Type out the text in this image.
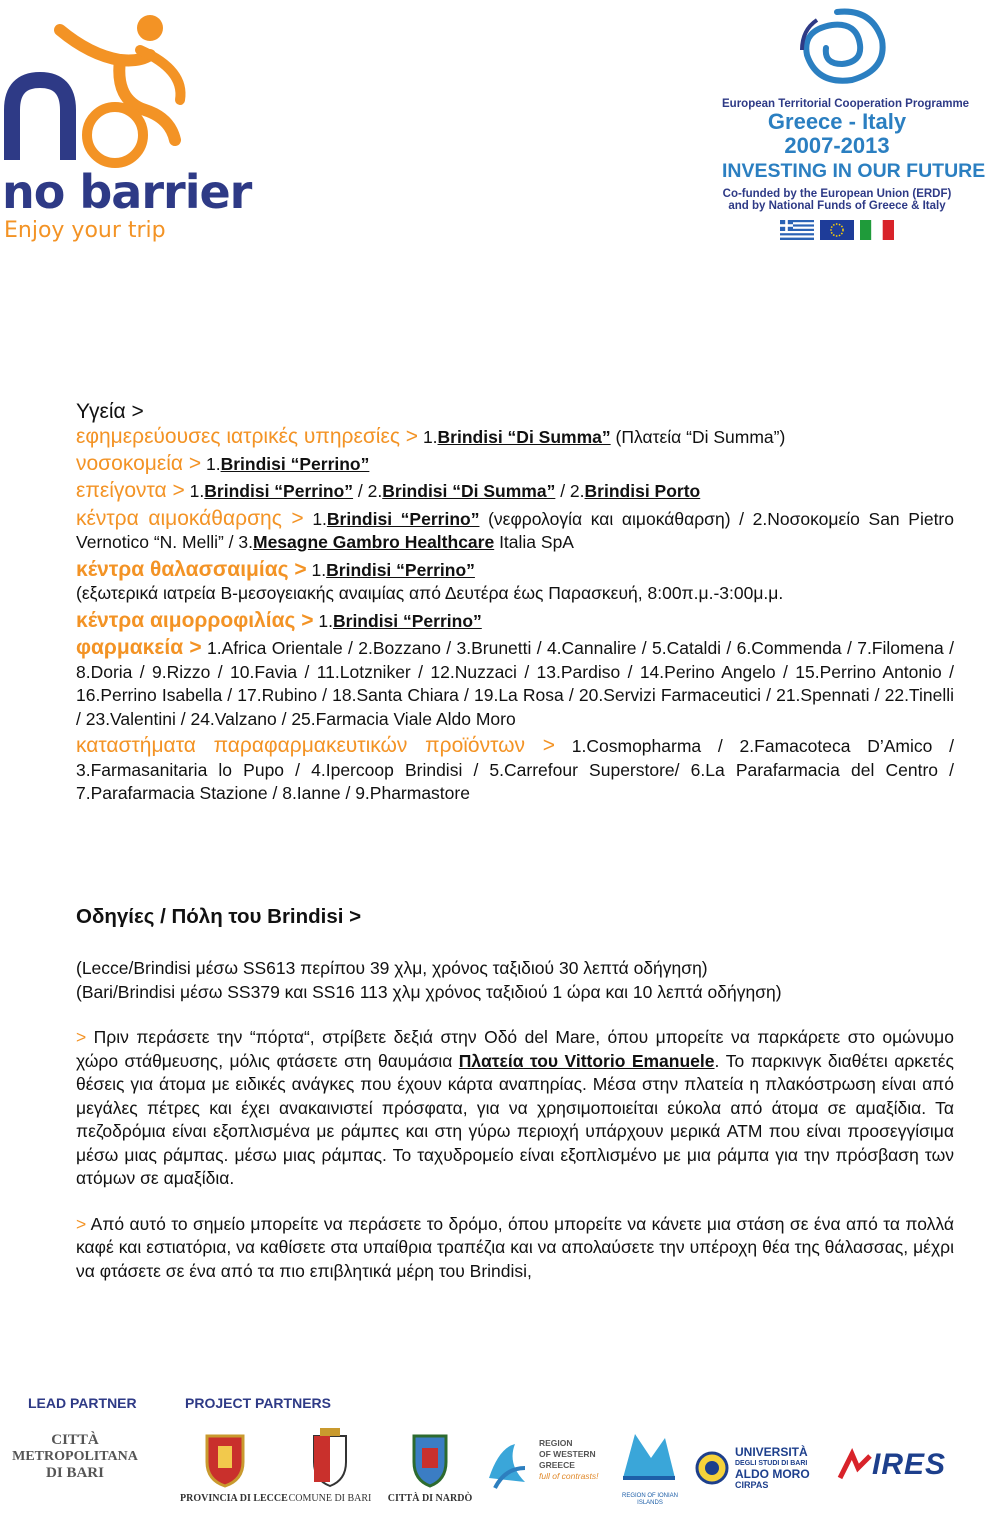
no barrier
Enjoy your trip
European Territorial Cooperation Programme
Greece - Italy
2007-2013
INVESTING IN OUR FUTURE
Co-funded by the European Union (ERDF)
and by National Funds of Greece & Italy
Υγεία >

εφημερεύουσες ιατρικές υπηρεσίες > 1.Brindisi “Di Summa” (Πλατεία “Di Summa”)

νοσοκομεία > 1.Brindisi “Perrino”

επείγοντα > 1.Brindisi “Perrino” / 2.Brindisi “Di Summa” / 2.Brindisi Porto

κέντρα αιμοκάθαρσης > 1.Brindisi “Perrino” (νεφρολογία και αιμοκάθαρση) / 2.Νοσοκομείο San Pietro Vernotico “N. Melli” / 3.Mesagne Gambro Healthcare Italia SpA

κέντρα θαλασσαιμίας > 1.Brindisi “Perrino”
(εξωτερικά ιατρεία Β-μεσογειακής αναιμίας από Δευτέρα έως Παρασκευή, 8:00π.μ.-3:00μ.μ.

κέντρα αιμορροφιλίας > 1.Brindisi “Perrino”

φαρμακεία > 1.Africa Orientale / 2.Bozzano / 3.Brunetti / 4.Cannalire / 5.Cataldi / 6.Commenda / 7.Filomena / 8.Doria / 9.Rizzo / 10.Favia / 11.Lotzniker / 12.Nuzzaci / 13.Pardiso / 14.Perino Angelo / 15.Perrino Antonio / 16.Perrino Isabella / 17.Rubino / 18.Santa Chiara / 19.La Rosa / 20.Servizi Farmaceutici / 21.Spennati / 22.Tinelli / 23.Valentini / 24.Valzano / 25.Farmacia Viale Aldo Moro

καταστήματα παραφαρμακευτικών προϊόντων > 1.Cosmopharma / 2.Famacoteca D’Amico / 3.Farmasanitaria lo Pupo / 4.Ipercoop Brindisi / 5.Carrefour Superstore/ 6.La Parafarmacia del Centro / 7.Parafarmacia Stazione / 8.Ianne / 9.Pharmastore

Οδηγίες / Πόλη του Brindisi >

(Lecce/Brindisi μέσω SS613 περίπου 39 χλμ, χρόνος ταξιδιού 30 λεπτά οδήγηση)

(Bari/Brindisi μέσω SS379 και SS16 113 χλμ χρόνος ταξιδιού 1 ώρα και 10 λεπτά οδήγηση)

> Πριν περάσετε την “πόρτα“, στρίβετε δεξιά στην Οδό del Mare, όπου μπορείτε να παρκάρετε στο ομώνυμο χώρο στάθμευσης, μόλις φτάσετε στη θαυμάσια Πλατεία του Vittorio Emanuele. Το παρκινγκ διαθέτει αρκετές θέσεις για άτομα με ειδικές ανάγκες που έχουν κάρτα αναπηρίας. Μέσα στην πλατεία η πλακόστρωση είναι από μεγάλες πέτρες και έχει ανακαινιστεί πρόσφατα, για να χρησιμοποιείται εύκολα από άτομα σε αμαξίδια. Τα πεζοδρόμια είναι εξοπλισμένα με ράμπες και στη γύρω περιοχή υπάρχουν μερικά ATM που είναι προσεγγίσιμα μέσω μιας ράμπας. μέσω μιας ράμπας. Το ταχυδρομείο είναι εξοπλισμένο με μια ράμπα για την πρόσβαση των ατόμων σε αμαξίδια.

> Από αυτό το σημείο μπορείτε να περάσετε το δρόμο, όπου μπορείτε να κάνετε μια στάση σε ένα από τα πολλά καφέ και εστιατόρια, να καθίσετε στα υπαίθρια τραπέζια και να απολαύσετε την υπέροχη θέα της θάλασσας, μέχρι να φτάσετε σε ένα από τα πιο επιβλητικά μέρη του Brindisi,

LEAD PARTNER	PROJECT PARTNERS
CITTÀ
METROPOLITANA
DI BARI
PROVINCIA DI LECCE COMUNE DI BARI	CITTÀ DI NARDÒ
REGION
OF WESTERN
GREECE
full of contrasts!
REGION OF IONIAN ISLANDS
UNIVERSITÀ
DEGLI STUDI DI BARI
ALDO MORO
CIRPAS
IRES
